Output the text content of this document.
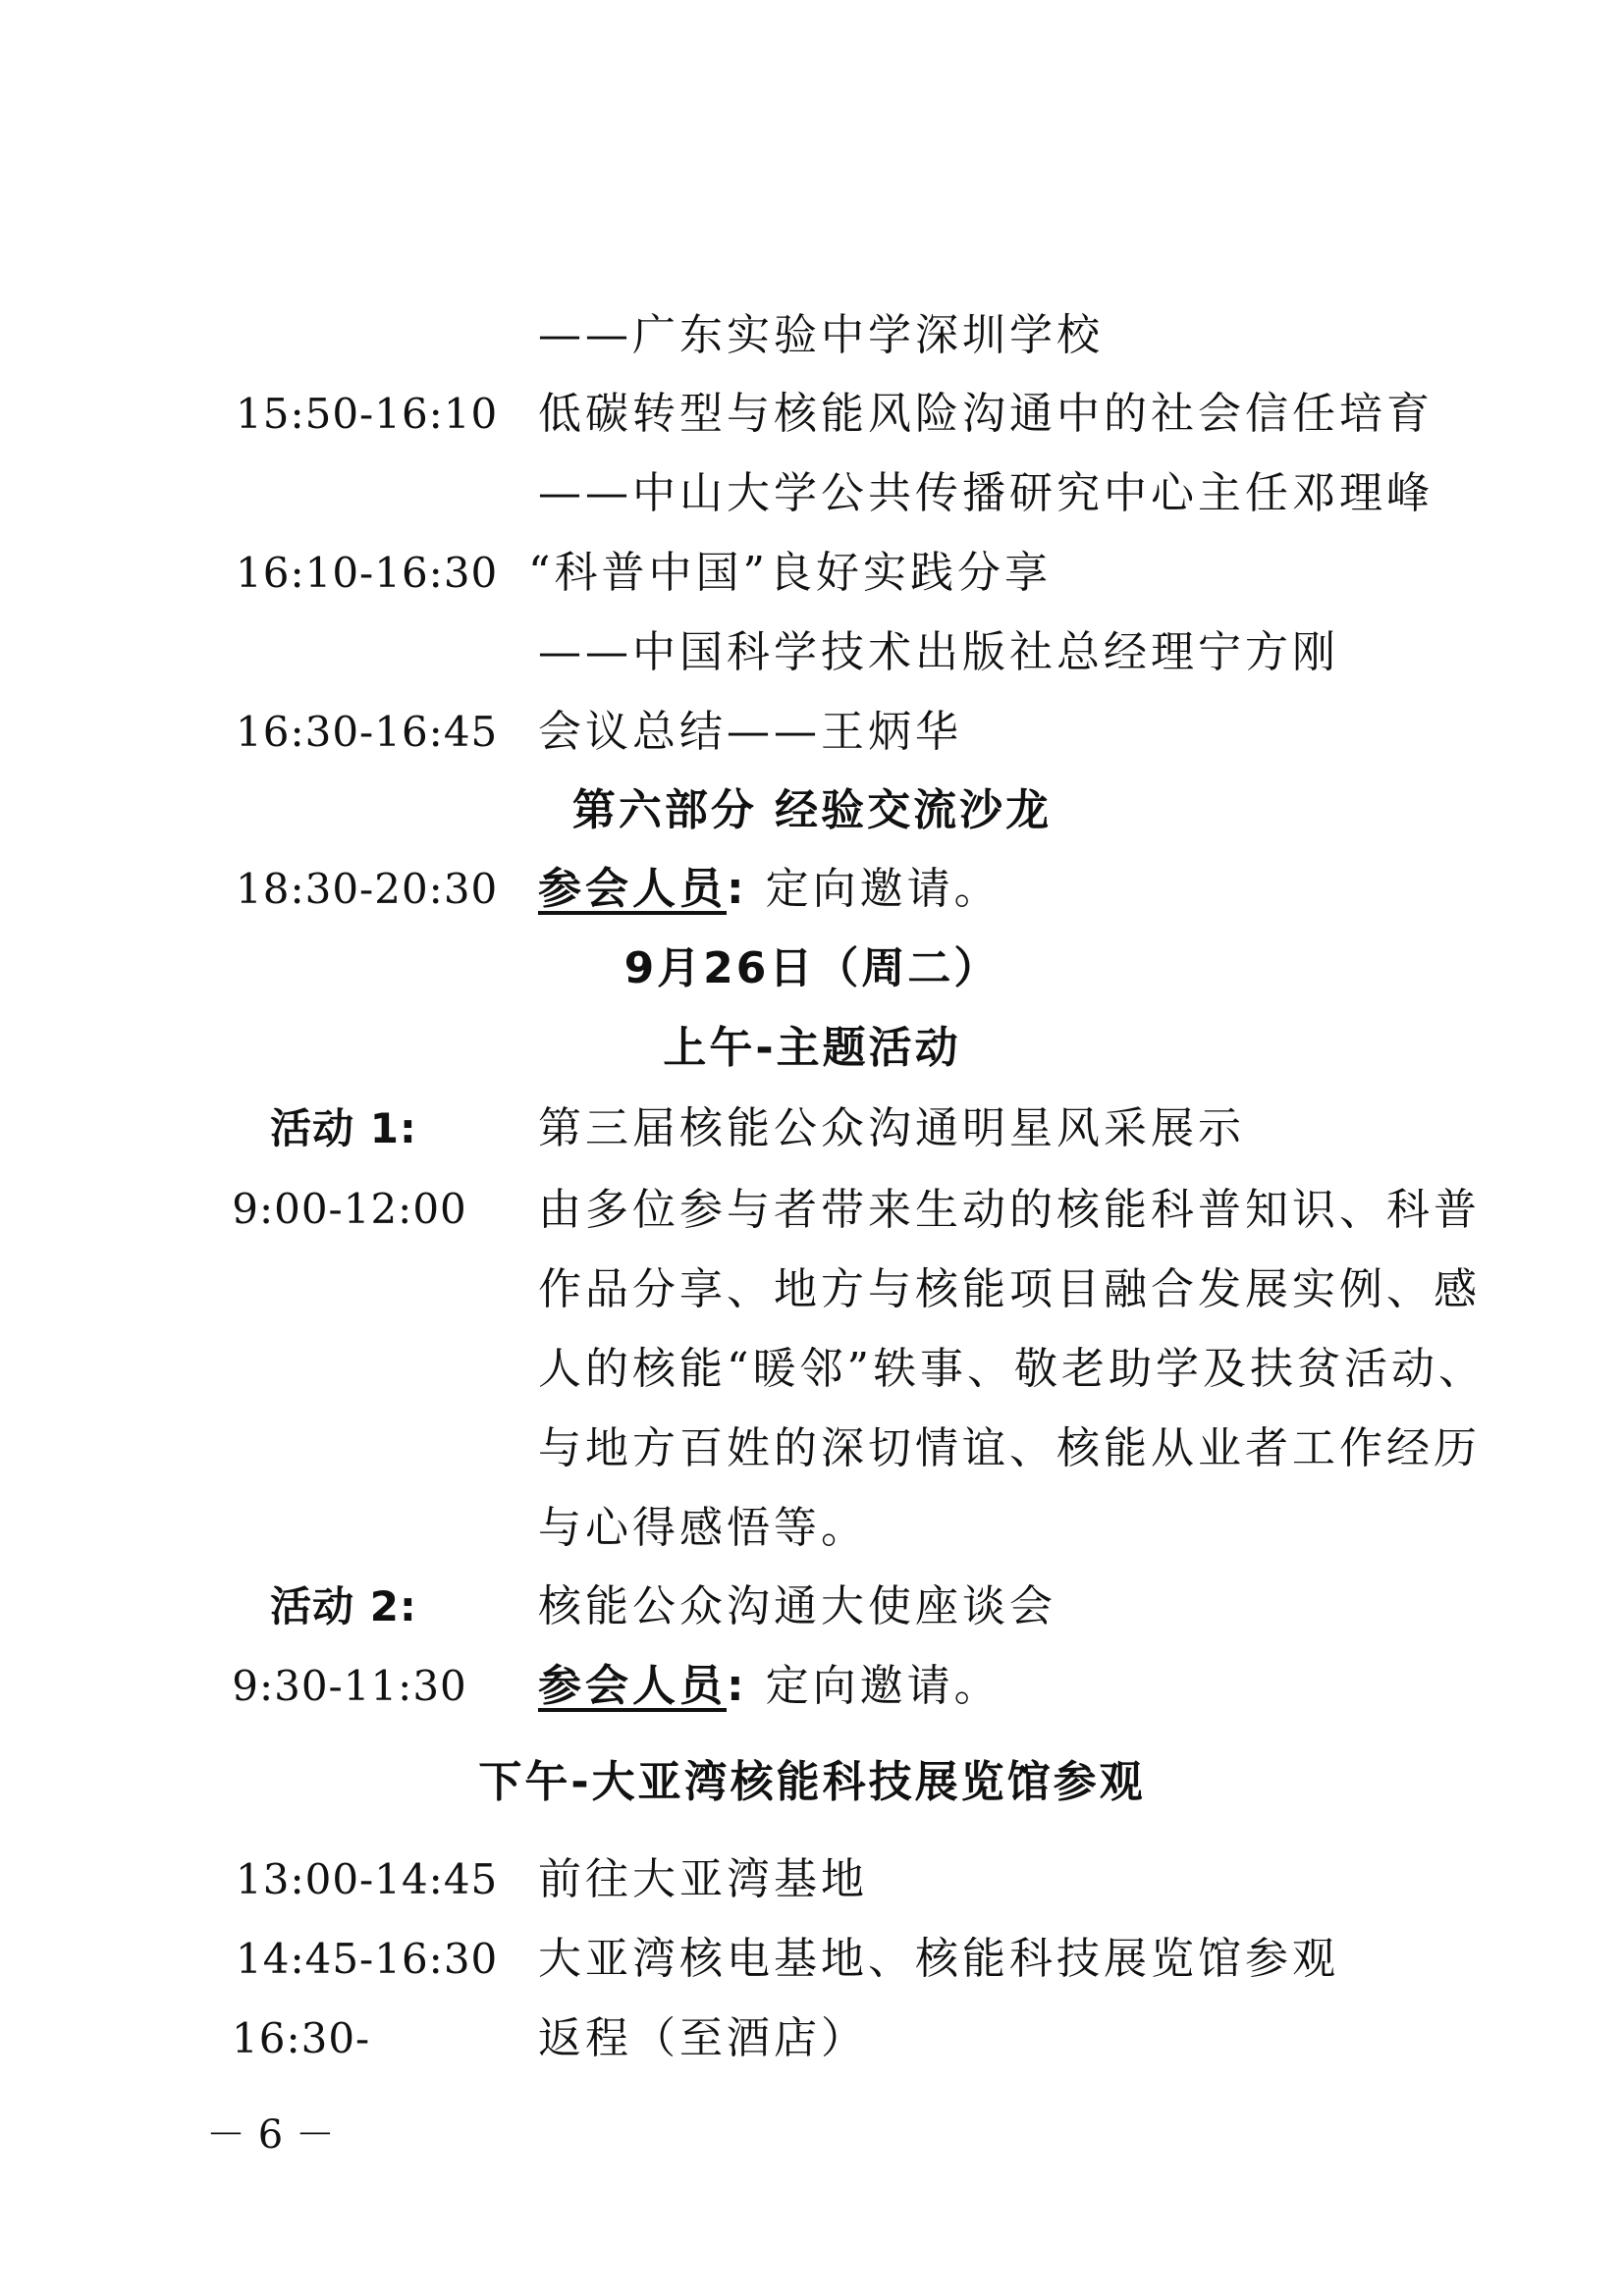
——广东实验中学深圳学校
15:50-16:10 低碳转型与核能风险沟通中的社会信任培育
——中山大学公共传播研究中心主任邓理峰
16:10-16:30 “科普中国”良好实践分享
——中国科学技术出版社总经理宁方刚
16:30-16:45 会议总结——王炳华
第六部分 经验交流沙龙
18:30-20:30 参会人员: 定向邀请。
9月26日（周二）
上午-主题活动
活动 1:	第三届核能公众沟通明星风采展示
9:00-12:00 由多位参与者带来生动的核能科普知识、科普
作品分享、地方与核能项目融合发展实例、感
人的核能“暖邻”轶事、敬老助学及扶贫活动、
与地方百姓的深切情谊、核能从业者工作经历
与心得感悟等。
活动 2:	核能公众沟通大使座谈会
9:30-11:30 参会人员: 定向邀请。
下午-大亚湾核能科技展览馆参观
13:00-14:45 前往大亚湾基地
14:45-16:30 大亚湾核电基地、核能科技展览馆参观
16:30-	返程（至酒店）
－ 6 －
